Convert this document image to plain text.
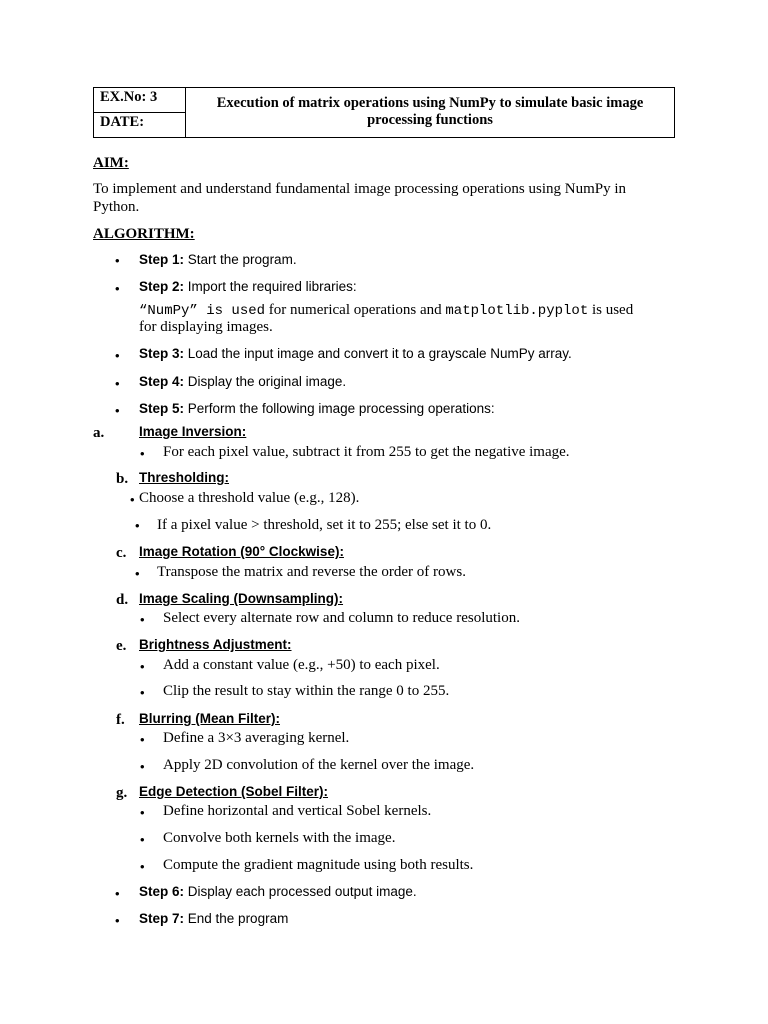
EX.No: 3
DATE:
Execution of matrix operations using NumPy to simulate basic image processing functions
AIM:
To implement and understand fundamental image processing operations using NumPy in
Python.
ALGORITHM:
• Step 1: Start the program.
• Step 2: Import the required libraries:
“NumPy” is used for numerical operations and matplotlib.pyplot is used
for displaying images.
• Step 3: Load the input image and convert it to a grayscale NumPy array.
• Step 4: Display the original image.
• Step 5: Perform the following image processing operations:
a.	Image Inversion:
• For each pixel value, subtract it from 255 to get the negative image.
b. Thresholding:
• Choose a threshold value (e.g., 128).
• If a pixel value > threshold, set it to 255; else set it to 0.
c. Image Rotation (90° Clockwise):
• Transpose the matrix and reverse the order of rows.
d. Image Scaling (Downsampling):
• Select every alternate row and column to reduce resolution.
e. Brightness Adjustment:
• Add a constant value (e.g., +50) to each pixel.
• Clip the result to stay within the range 0 to 255.
f. Blurring (Mean Filter):
• Define a 3×3 averaging kernel.
• Apply 2D convolution of the kernel over the image.
g. Edge Detection (Sobel Filter):
• Define horizontal and vertical Sobel kernels.
• Convolve both kernels with the image.
• Compute the gradient magnitude using both results.
• Step 6: Display each processed output image.
• Step 7: End the program
